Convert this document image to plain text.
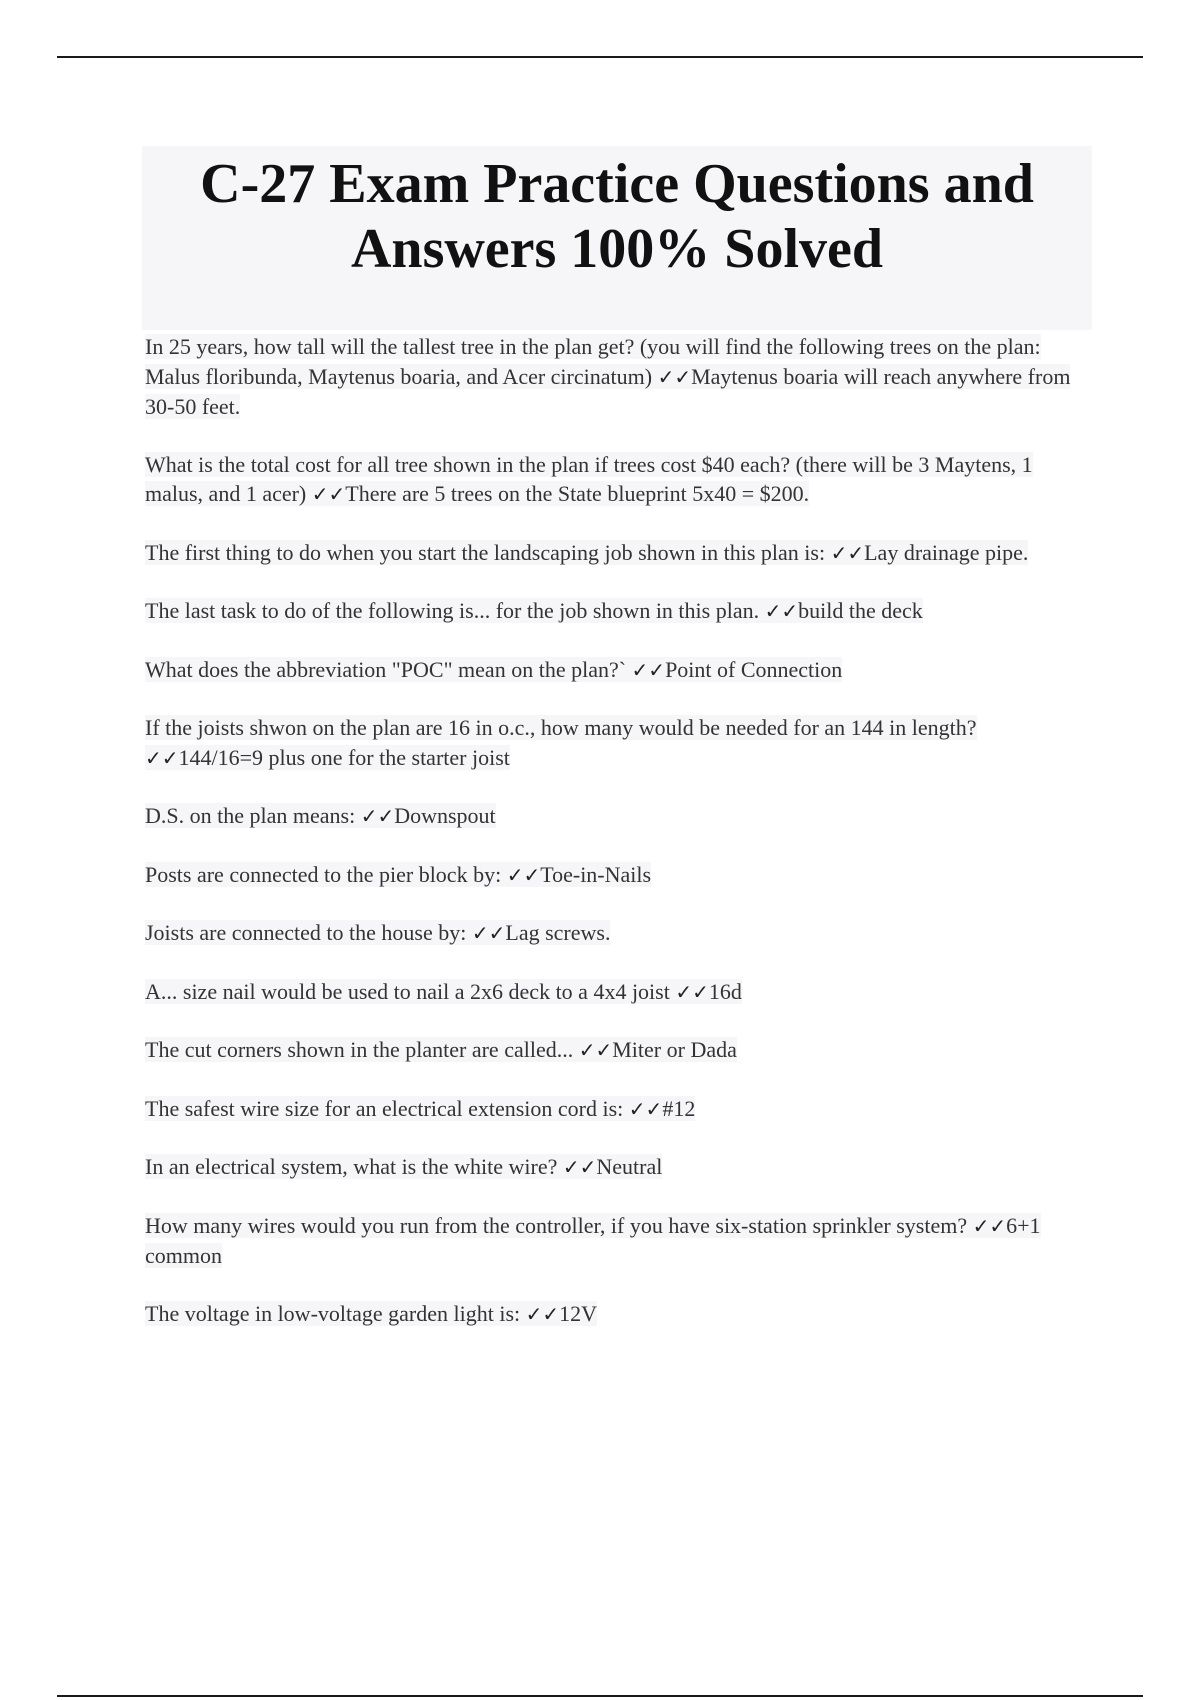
C-27 Exam Practice Questions and Answers 100% Solved

In 25 years, how tall will the tallest tree in the plan get? (you will find the following trees on the plan: Malus floribunda, Maytenus boaria, and Acer circinatum) ✓✓Maytenus boaria will reach anywhere from 30-50 feet.

What is the total cost for all tree shown in the plan if trees cost $40 each? (there will be 3 Maytens, 1 malus, and 1 acer) ✓✓There are 5 trees on the State blueprint 5x40 = $200.

The first thing to do when you start the landscaping job shown in this plan is: ✓✓Lay drainage pipe.

The last task to do of the following is... for the job shown in this plan. ✓✓build the deck

What does the abbreviation "POC" mean on the plan?` ✓✓Point of Connection

If the joists shwon on the plan are 16 in o.c., how many would be needed for an 144 in length? ✓✓144/16=9 plus one for the starter joist

D.S. on the plan means: ✓✓Downspout

Posts are connected to the pier block by: ✓✓Toe-in-Nails

Joists are connected to the house by: ✓✓Lag screws.

A... size nail would be used to nail a 2x6 deck to a 4x4 joist ✓✓16d

The cut corners shown in the planter are called... ✓✓Miter or Dada

The safest wire size for an electrical extension cord is: ✓✓#12

In an electrical system, what is the white wire? ✓✓Neutral

How many wires would you run from the controller, if you have six-station sprinkler system? ✓✓6+1 common

The voltage in low-voltage garden light is: ✓✓12V
